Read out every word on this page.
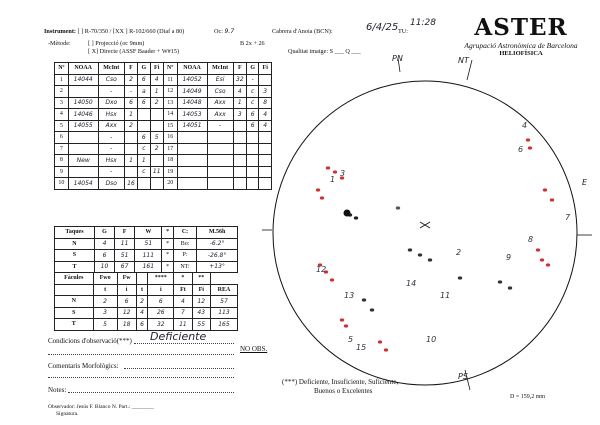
Instrument: [ ] R-70/350 / [XX ] R-102/660 (Diaf a 80)	Oc: 9.7	Cabrera d'Anoia (BCN):	6/4/25 TU:
11:28
-Mètode:	[ ] Projecció (oc 9mm)
[ X] Directe (ASSF Baader + W#15)
B 2x + 26
Qualitat imatge: S ___ Q ___
ASTER
Agrupació Astronòmica de Barcelona
HELIOFÍSICA
Nº	NOAA	McInt	F	G	Fi	Nº	NOAA	McInt	F	G	Fi
1	14044	Cso	2	6	4	11	14052	Esi	32	-	
2		-	-	a	1	12	14049	Cso	4	c	3
3	14050	Dxo	6	6	2	13	14048	Axx	1	c	8
4	14046	Hsx	1			14	14053	Axx	3	6	4
5	14055	Axx	2			15	14051	-		6	4
6		-		6	5	16					
7		-		c	2	17					
8	New	Hsx	1	1		18					
9		-		c	11	19					
10	14054	Dso	16			20					
Taques	G	F	W	*	C:	M.56h
N	4	11	51	*	Bo:	-6.2°
S	6	51	111	*	P:	-26.8°
T	10	67	161	*	NT:	+13°
Fàcules	Fwo	Fw		****	*	**	
	t	i	t	i	Ft	Fi	REA
N	2	6	2	6	4	12	57
S	3	12	4	26	7	43	113
T	5	18	6	32	11	55	165
Condicions d'observació(***) Deficiente
Comentaris Morfològics:
Notes:
Observador: Jesús F. Blanco N. Part.: ________
Signatura.
NO OBS.
1
2
3
4
5
6
7
8
9
10
11
12
13
14
15
PN	NT
E
PS
(***) Deficiente, Insuficiente, Suficiente,
Buenos o Excelentes
D = 159,2 mm
